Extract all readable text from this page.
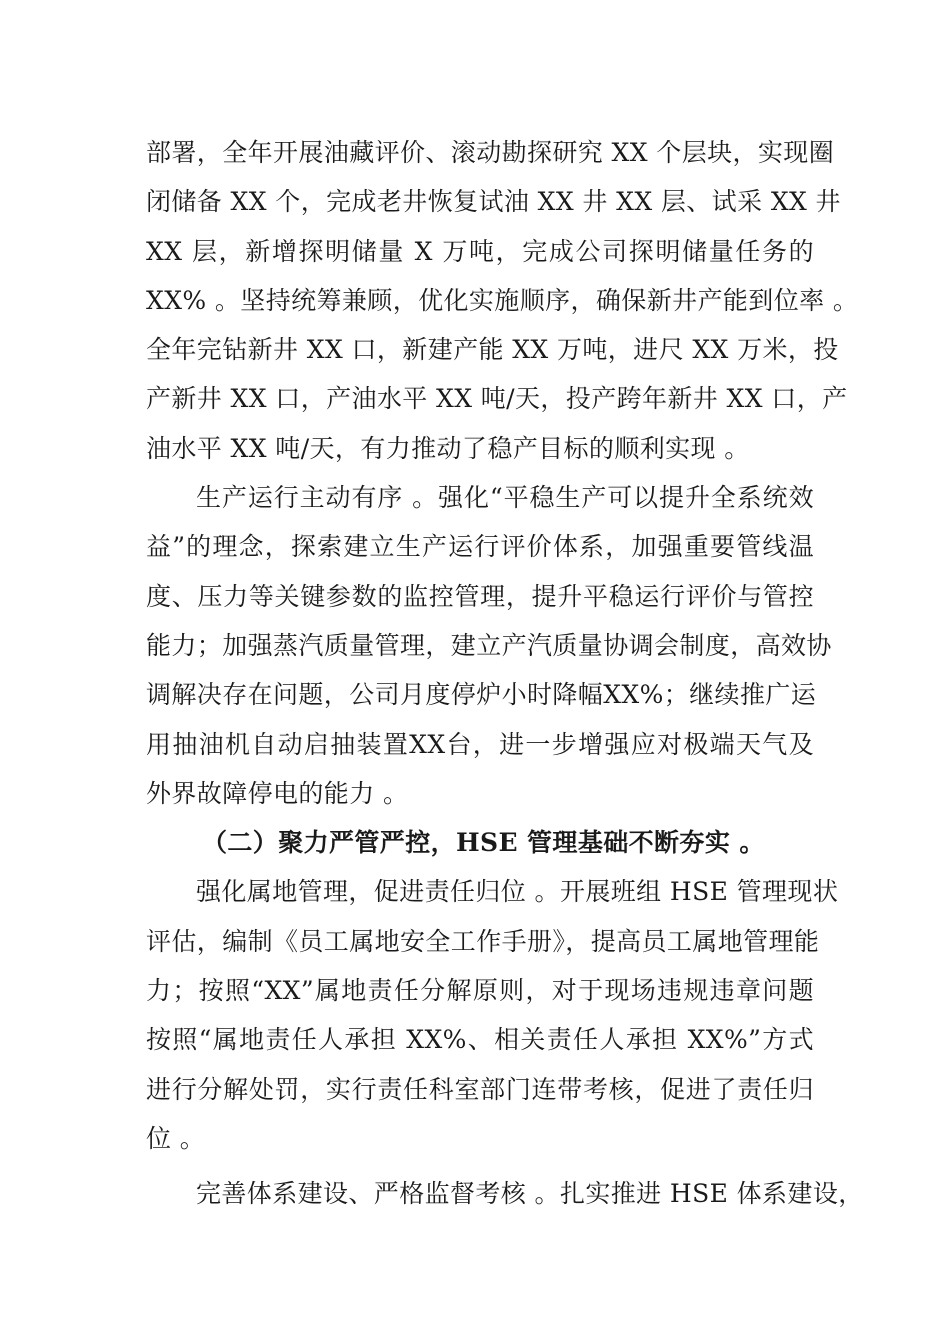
部署，全年开展油藏评价、滚动勘探研究 XX 个层块，实现圈
闭储备 XX 个，完成老井恢复试油 XX 井 XX 层、试采 XX 井
XX 层，新增探明储量 X 万吨，完成公司探明储量任务的
XX% 。坚持统筹兼顾，优化实施顺序，确保新井产能到位率 。
全年完钻新井 XX 口，新建产能 XX 万吨，进尺 XX 万米，投
产新井 XX 口，产油水平 XX 吨/天，投产跨年新井 XX 口，产
油水平 XX 吨/天，有力推动了稳产目标的顺利实现 。
生产运行主动有序 。强化“平稳生产可以提升全系统效
益”的理念，探索建立生产运行评价体系，加强重要管线温
度、压力等关键参数的监控管理，提升平稳运行评价与管控
能力；加强蒸汽质量管理，建立产汽质量协调会制度，高效协
调解决存在问题，公司月度停炉小时降幅XX%；继续推广运
用抽油机自动启抽装置XX台，进一步增强应对极端天气及
外界故障停电的能力 。
（二）聚力严管严控，HSE 管理基础不断夯实 。
强化属地管理，促进责任归位 。开展班组 HSE 管理现状
评估，编制《员工属地安全工作手册》，提高员工属地管理能
力；按照“XX”属地责任分解原则，对于现场违规违章问题
按照“属地责任人承担 XX%、相关责任人承担 XX%”方式
进行分解处罚，实行责任科室部门连带考核，促进了责任归
位 。
完善体系建设、严格监督考核 。扎实推进 HSE 体系建设，
